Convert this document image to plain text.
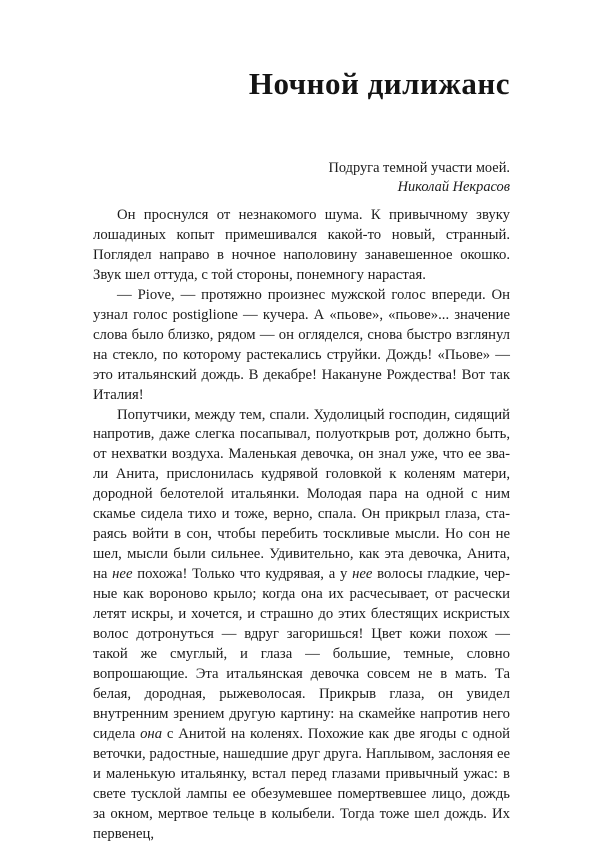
Ночной дилижанс
Подруга темной участи моей.
Николай Некрасов

Он проснулся от незнакомого шума. К привычному звуку лошадиных копыт примешивался какой-то новый, странный. Поглядел направо в ночное наполовину занавешенное окошко. Звук шел оттуда, с той стороны, понемногу нарастая.

— Piove, — протяжно произнес мужской голос впереди. Он узнал голос postiglione — кучера. А «пьове», «пьове»... значение слова было близко, рядом — он огляделся, снова быстро взглянул на стекло, по которому растекались струйки. Дождь! «Пьове» — это итальянский дождь. В декабре! Накануне Рождества! Вот так Италия!

Попутчики, между тем, спали. Худолицый господин, сидящий напротив, даже слегка посапывал, полуоткрыв рот, должно быть, от нехватки воздуха. Маленькая девочка, он знал уже, что ее звали Анита, прислонилась кудрявой головкой к коленям матери, дородной белотелой итальянки. Молодая пара на одной с ним скамье сидела тихо и тоже, верно, спала. Он прикрыл глаза, стараясь войти в сон, чтобы перебить тоскливые мысли. Но сон не шел, мысли были сильнее. Удивительно, как эта девочка, Анита, на нее похожа! Только что кудрявая, а у нее волосы гладкие, черные как вороново крыло; когда она их расчесывает, от расчески летят искры, и хочется, и страшно до этих блестящих искристых волос дотронуться — вдруг загоришься! Цвет кожи похож — такой же смуглый, и глаза — большие, темные, словно вопрошающие. Эта итальянская девочка совсем не в мать. Та белая, дородная, рыжеволосая. Прикрыв глаза, он увидел внутренним зрением другую картину: на скамейке напротив него сидела она с Анитой на коленях. Похожие как две ягоды с одной веточки, радостные, нашедшие друг друга. Наплывом, заслоняя ее и маленькую итальянку, встал перед глазами привычный ужас: в свете тусклой лампы ее обезумевшее помертвевшее лицо, дождь за окном, мертвое тельце в колыбели. Тогда тоже шел дождь. Их первенец,
